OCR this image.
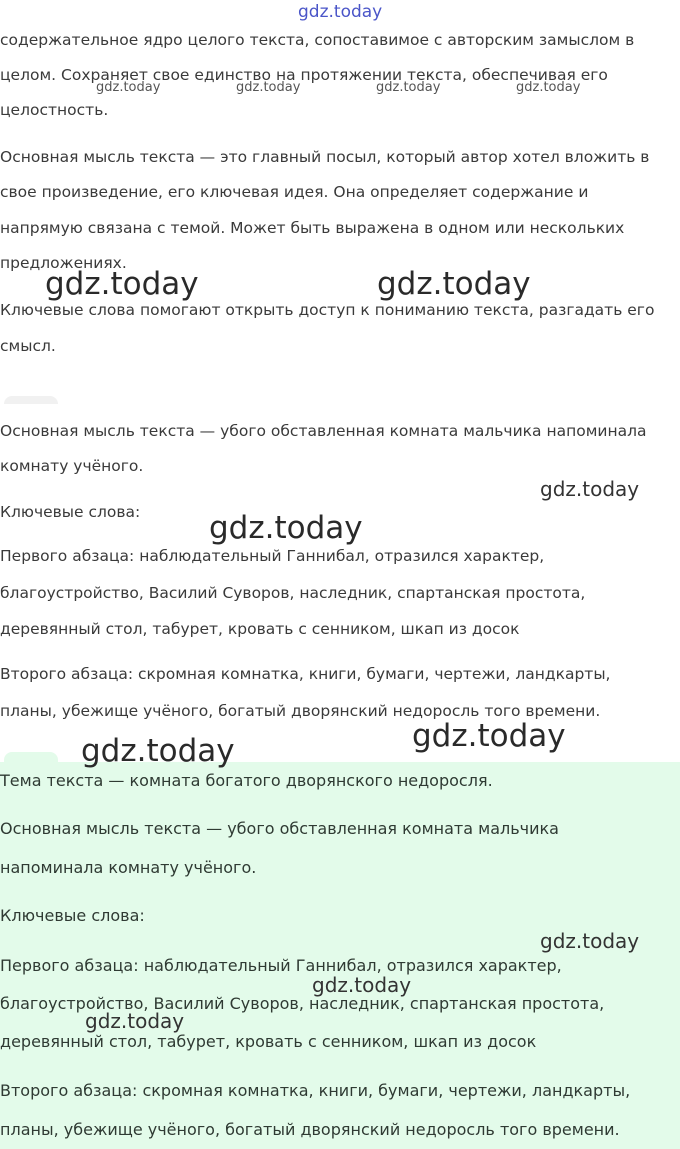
содержательное ядро целого текста, сопоставимое с авторским замыслом в
целом. Сохраняет свое единство на протяжении текста, обеспечивая его
целостность.
Основная мысль текста — это главный посыл, который автор хотел вложить в
свое произведение, его ключевая идея. Она определяет содержание и
напрямую связана с темой. Может быть выражена в одном или нескольких
предложениях.
Ключевые слова помогают открыть доступ к пониманию текста, разгадать его
смысл.
Основная мысль текста — убого обставленная комната мальчика напоминала
комнату учёного.
Ключевые слова:
Первого абзаца: наблюдательный Ганнибал, отразился характер,
благоустройство, Василий Суворов, наследник, спартанская простота,
деревянный стол, табурет, кровать с сенником, шкап из досок
Второго абзаца: скромная комнатка, книги, бумаги, чертежи, ландкарты,
планы, убежище учёного, богатый дворянский недоросль того времени.
Тема текста — комната богатого дворянского недоросля.
Основная мысль текста — убого обставленная комната мальчика
напоминала комнату учёного.
Ключевые слова:
Первого абзаца: наблюдательный Ганнибал, отразился характер,
благоустройство, Василий Суворов, наследник, спартанская простота,
деревянный стол, табурет, кровать с сенником, шкап из досок
Второго абзаца: скромная комнатка, книги, бумаги, чертежи, ландкарты,
планы, убежище учёного, богатый дворянский недоросль того времени.
gdz.today
gdz.today	gdz.today	gdz.today	gdz.today
gdz.today	gdz.today
gdz.today
gdz.today
gdz.today	gdz.today
gdz.today
gdz.today
gdz.today
